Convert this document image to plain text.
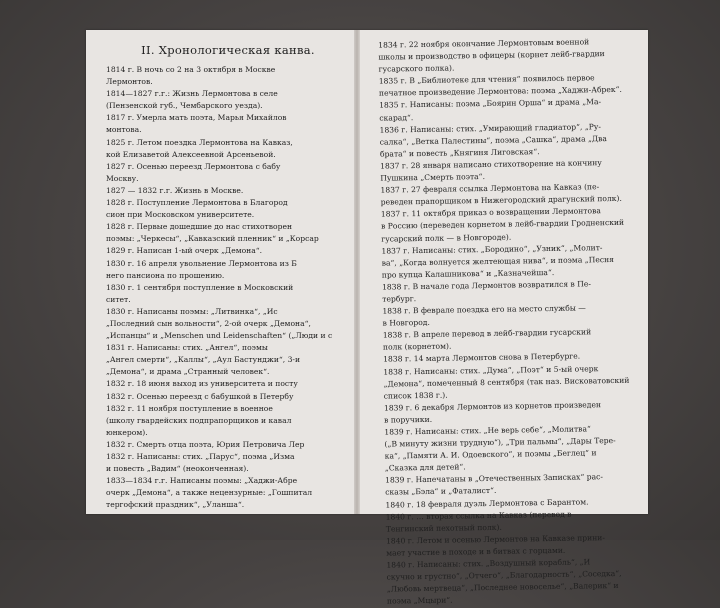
II. Хронологическая канва.
1814 г. В ночь со 2 на 3 октября в Москве
Лермонтов.
1814—1827 г.г.: Жизнь Лермонтова в селе
(Пензенской губ., Чембарского уезда).
1817 г. Умерла мать поэта, Марья Михайлов
монтова.
1825 г. Летом поездка Лермонтова на Кавказ,
кой Елизаветой Алексеевной Арсеньевой.
1827 г. Осенью переезд Лермонтова с бабу
Москву.
1827 — 1832 г.г. Жизнь в Москве.
1828 г. Поступление Лермонтова в Благород
сион при Московском университете.
1828 г. Первые дошедшие до нас стихотворен
поэмы: „Черкесы“, „Кавказский пленник“ и „Корсар
1829 г. Написан 1-ый очерк „Демона“.
1830 г. 16 апреля увольнение Лермонтова из Б
него пансиона по прошению.
1830 г. 1 сентября поступление в Московский
ситет.
1830 г. Написаны поэмы: „Литвинка“, „Ис
„Последний сын вольности“, 2-ой очерк „Демона“,
„Испанцы“ и „Menschen und Leidenschaften“ („Люди и с
1831 г. Написаны: стих. „Ангел“, поэмы
„Ангел смерти“, „Каллы“, „Аул Бастунджи“, 3-и
„Демона“, и драма „Странный человек“.
1832 г. 18 июня выход из университета и посту
1832 г. Осенью переезд с бабушкой в Петербу
1832 г. 11 ноября поступление в военное
(школу гвардейских подпрапорщиков и кавал
юнкером).
1832 г. Смерть отца поэта, Юрия Петровича Лер
1832 г. Написаны: стих. „Парус“, поэма „Изма
и повесть „Вадим“ (неоконченная).
1833—1834 г.г. Написаны поэмы: „Хаджи-Абре
очерк „Демона“, а также нецензурные: „Гошпитал
тергофский праздник“, „Уланша“.
1834 г. 22 ноября окончание Лермонтовым военной
школы и производство в офицеры (корнет лейб-гвардии
гусарского полка).
1835 г. В „Библиотеке для чтения“ появилось первое
печатное произведение Лермонтова: поэма „Хаджи-Абрек“.
1835 г. Написаны: поэма „Боярин Орша“ и драма „Ма-
скарад“.
1836 г. Написаны: стих. „Умирающий гладиатор“, „Ру-
салка“, „Ветка Палестины“, поэма „Сашка“, драма „Два
брата“ и повесть „Княгиня Лиговская“.
1837 г. 28 января написано стихотворение на кончину
Пушкина „Смерть поэта“.
1837 г. 27 февраля ссылка Лермонтова на Кавказ (пе-
реведен прапорщиком в Нижегородский драгунский полк).
1837 г. 11 октября приказ о возвращении Лермонтова
в Россию (переведен корнетом в лейб-гвардии Гродненский
гусарский полк — в Новгороде).
1837 г. Написаны: стих. „Бородино“, „Узник“, „Молит-
ва“, „Когда волнуется желтеющая нива“, и поэма „Песня
про купца Калашникова“ и „Казначейша“.
1838 г. В начале года Лермонтов возвратился в Пе-
тербург.
1838 г. В феврале поездка его на место службы —
в Новгород.
1838 г. В апреле перевод в лейб-гвардии гусарский
полк (корнетом).
1838 г. 14 марта Лермонтов снова в Петербурге.
1838 г. Написаны: стих. „Дума“, „Поэт“ и 5-ый очерк
„Демона“, помеченный 8 сентября (так наз. Висковатовский
список 1838 г.).
1839 г. 6 декабря Лермонтов из корнетов произведен
в поручики.
1839 г. Написаны: стих. „Не верь себе“, „Молитва“
(„В минуту жизни трудную“), „Три пальмы“, „Дары Тере-
ка“, „Памяти А. И. Одоевского“, и поэмы „Беглец“ и
„Сказка для детей“.
1839 г. Напечатаны в „Отечественных Записках“ рас-
сказы „Бэла“ и „Фаталист“.
1840 г. 18 февраля дуэль Лермонтова с Барантом.
1840 г. … вторая ссылка на Кавказ (перевод в
Тенгинский пехотный полк).
1840 г. Летом и осенью Лермонтов на Кавказе прини-
мает участие в походе и в битвах с горцами.
1840 г. Написаны: стих. „Воздушный корабль“, „И
скучно и грустно“, „Отчего“, „Благодарность“, „Соседка“,
„Любовь мертвеца“, „Последнее новоселье“, „Валерик“ и
поэма „Мцыри“.
